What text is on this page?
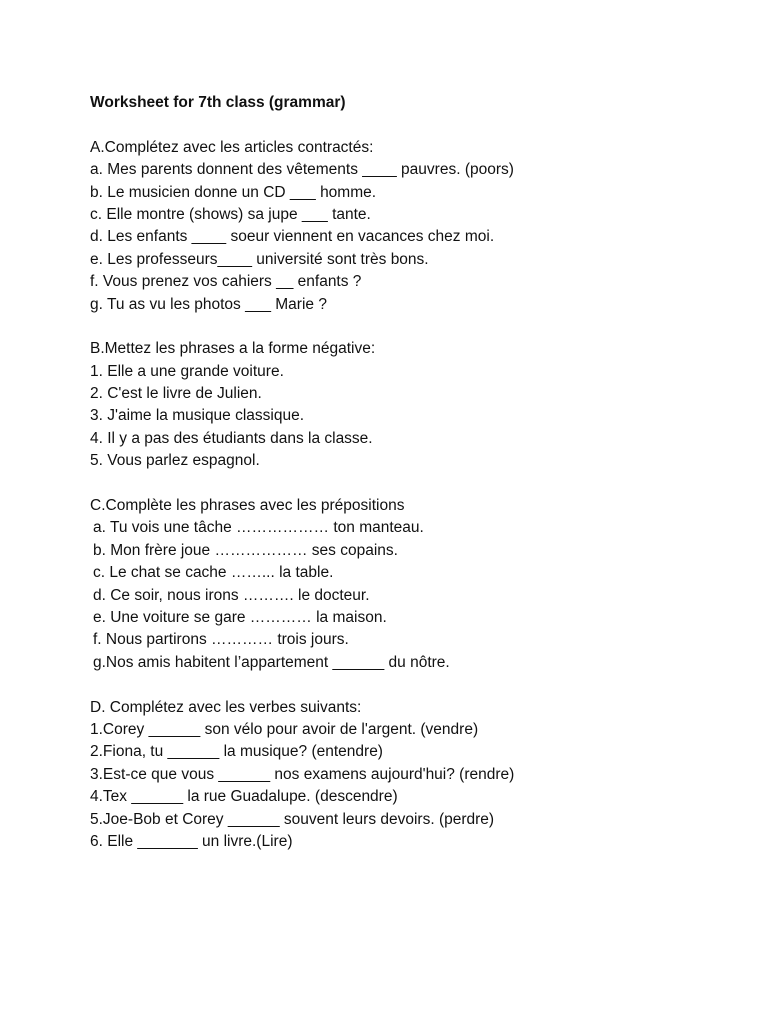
Worksheet for 7th class (grammar)
A.Complétez avec les articles contractés:
a. Mes parents donnent des vêtements ____ pauvres. (poors)
b. Le musicien donne un CD ___ homme.
c. Elle montre (shows) sa jupe ___ tante.
d. Les enfants ____ soeur viennent en vacances chez moi.
e. Les professeurs____ université sont très bons.
f. Vous prenez vos cahiers __ enfants ?
g. Tu as vu les photos ___ Marie ?
B.Mettez les phrases a la forme négative:
1. Elle a une grande voiture.
2. C'est le livre de Julien.
3. J'aime la musique classique.
4. Il y a pas des étudiants dans la classe.
5. Vous parlez espagnol.
C.Complète les phrases avec les prépositions
a. Tu vois une tâche ……………… ton manteau.
b. Mon frère joue ……………… ses copains.
c. Le chat se cache ……... la table.
d. Ce soir, nous irons ………. le docteur.
e. Une voiture se gare ………… la maison.
f. Nous partirons ………… trois jours.
g.Nos amis habitent l’appartement ______ du nôtre.
D. Complétez avec les verbes suivants:
1.Corey ______ son vélo pour avoir de l'argent. (vendre)
2.Fiona, tu ______ la musique? (entendre)
3.Est-ce que vous ______ nos examens aujourd'hui? (rendre)
4.Tex ______ la rue Guadalupe. (descendre)
5.Joe-Bob et Corey ______ souvent leurs devoirs. (perdre)
6. Elle _______ un livre.(Lire)
